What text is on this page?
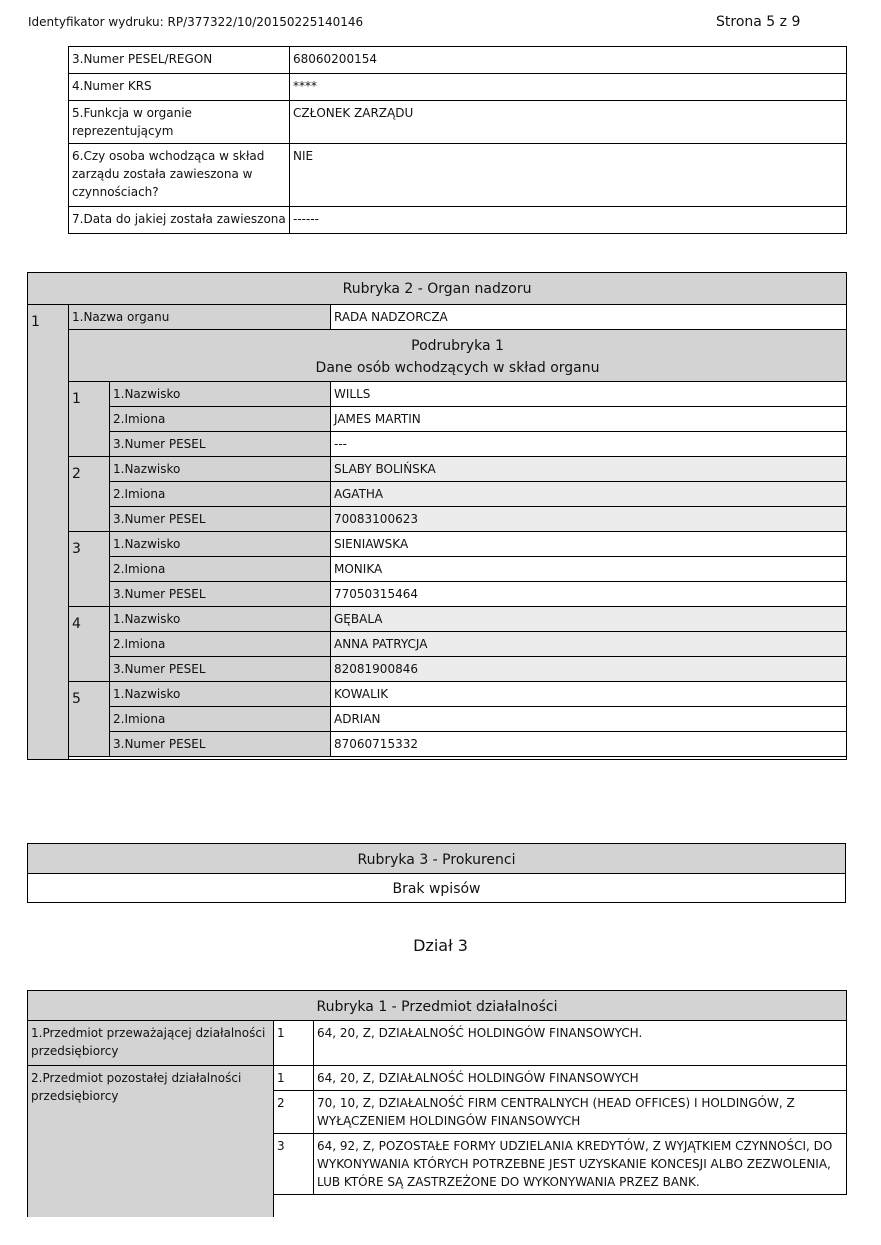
Identyfikator wydruku: RP/377322/10/20150225140146	Strona 5 z 9
3.Numer PESEL/REGON	68060200154
4.Numer KRS	****
5.Funkcja w organie reprezentującym	CZŁONEK ZARZĄDU
6.Czy osoba wchodząca w skład zarządu została zawieszona w czynnościach?	NIE
7.Data do jakiej została zawieszona	------
Rubryka 2 - Organ nadzoru			
1	1.Nazwa organu		RADA NADZORCZA

	Podrubryka 1
Dane osób wchodzących w skład organu		

	1	1.Nazwisko	WILLS
		2.Imiona	JAMES MARTIN
		3.Numer PESEL	---
	2	1.Nazwisko	SLABY BOLIŃSKA
		2.Imiona	AGATHA
		3.Numer PESEL	70083100623
	3	1.Nazwisko	SIENIAWSKA
		2.Imiona	MONIKA
		3.Numer PESEL	77050315464
	4	1.Nazwisko	GĘBALA
		2.Imiona	ANNA PATRYCJA
		3.Numer PESEL	82081900846
	5	1.Nazwisko	KOWALIK
		2.Imiona	ADRIAN
		3.Numer PESEL	87060715332

Rubryka 3 - Prokurenci
Brak wpisów
Dział 3
Rubryka 1 - Przedmiot działalności		
1.Przedmiot przeważającej działalności przedsiębiorcy	1	64, 20, Z, DZIAŁALNOŚĆ HOLDINGÓW FINANSOWYCH.
2.Przedmiot pozostałej działalności przedsiębiorcy	1	64, 20, Z, DZIAŁALNOŚĆ HOLDINGÓW FINANSOWYCH
	2	70, 10, Z, DZIAŁALNOŚĆ FIRM CENTRALNYCH (HEAD OFFICES) I HOLDINGÓW, Z WYŁĄCZENIEM HOLDINGÓW FINANSOWYCH
	3	64, 92, Z, POZOSTAŁE FORMY UDZIELANIA KREDYTÓW, Z WYJĄTKIEM CZYNNOŚCI, DO WYKONYWANIA KTÓRYCH POTRZEBNE JEST UZYSKANIE KONCESJI ALBO ZEZWOLENIA, LUB KTÓRE SĄ ZASTRZEŻONE DO WYKONYWANIA PRZEZ BANK.
